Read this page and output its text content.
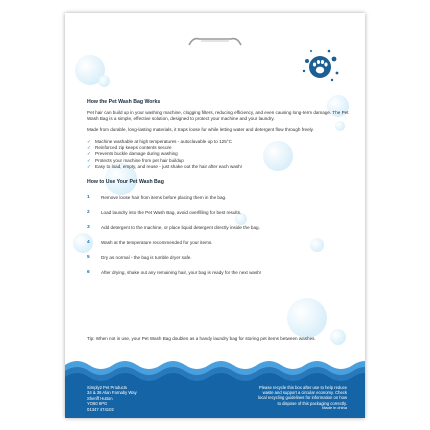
How the Pet Wash Bag Works

Pet hair can build up in your washing machine, clogging filters, reducing efficiency, and even causing long-term damage. The Pet Wash Bag is a simple, effective solution, designed to protect your machine and your laundry.

Made from durable, long-lasting materials, it traps loose fur while letting water and detergent flow through freely.

✓ Machine washable at high temperatures - autoclavable up to 125°C
✓ Reinforced zip keeps contents secure
✓ Prevents buckle damage during washing
✓ Protects your machine from pet hair buildup
✓ Easy to load, empty, and reuse - just shake out the hair after each wash!
How to Use Your Pet Wash Bag
1	Remove loose hair from items before placing them in the bag.
2	Load laundry into the Pet Wash Bag, avoid overfilling for best results.
3	Add detergent to the machine, or place liquid detergent directly inside the bag.
4	Wash at the temperature recommended for your items.
5	Dry as normal - the bag is tumble dryer safe.
6	After drying, shake out any remaining hair, your bag is ready for the next wash!

Tip: When not in use, your Pet Wash Bag doubles as a handy laundry bag for storing pet items between washes.

Simply2 Pet Products
34 & 36 Alan Farnaby Way
Sheriff Hutton
YO60 6PG
01347 474102
Please recycle this box after use to help reduce waste and support a circular economy. Check local recycling guidelines for information on how to dispose of this packaging correctly.
Made in china
